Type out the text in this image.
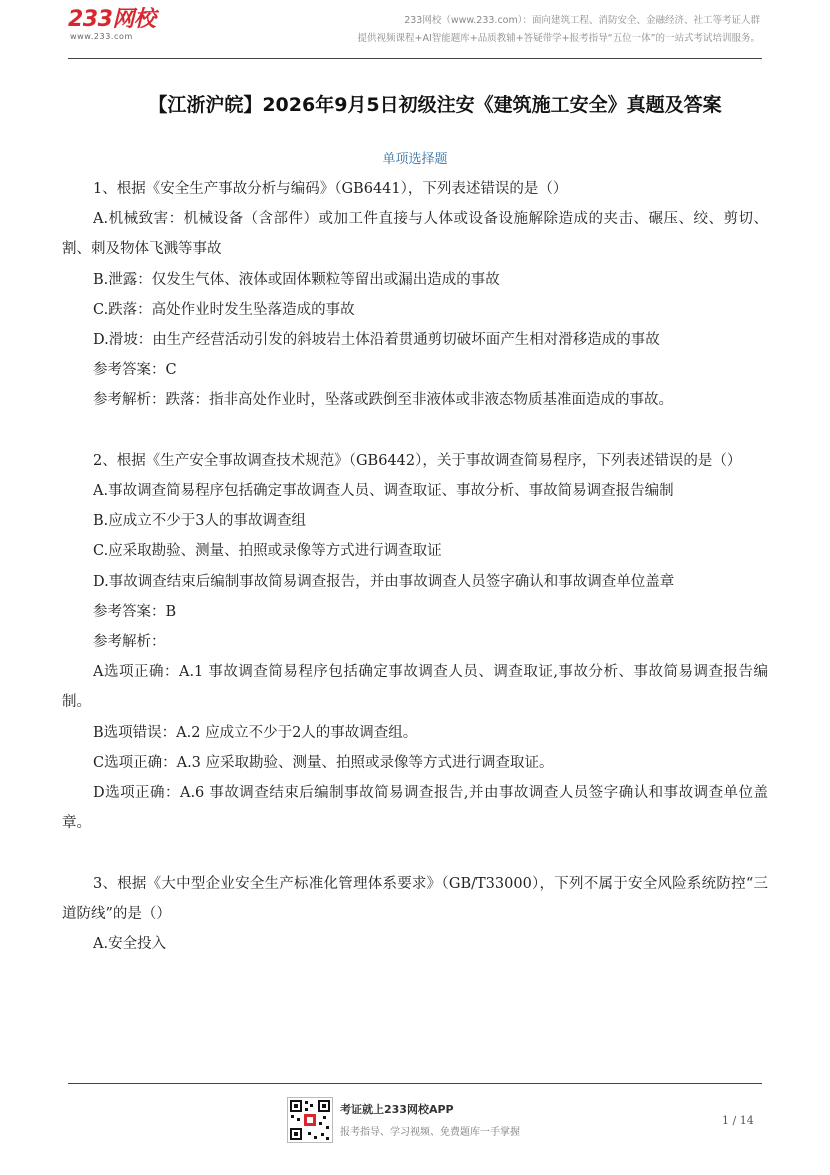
233网校
www.233.com
233网校（www.233.com）：面向建筑工程、消防安全、金融经济、社工等考证人群
提供视频课程+AI智能题库+品质教辅+答疑带学+报考指导“五位一体”的一站式考试培训服务。
【江浙沪皖】2026年9月5日初级注安《建筑施工安全》真题及答案
单项选择题
1、根据《安全生产事故分析与编码》（GB6441），下列表述错误的是（）
A.机械致害：机械设备（含部件）或加工件直接与人体或设备设施解除造成的夹击、碾压、绞、剪切、割、刺及物体飞溅等事故
B.泄露：仅发生气体、液体或固体颗粒等留出或漏出造成的事故
C.跌落：高处作业时发生坠落造成的事故
D.滑坡：由生产经营活动引发的斜坡岩土体沿着贯通剪切破坏面产生相对滑移造成的事故
参考答案：C
参考解析：跌落：指非高处作业时，坠落或跌倒至非液体或非液态物质基准面造成的事故。
2、根据《生产安全事故调查技术规范》（GB6442），关于事故调查简易程序，下列表述错误的是（）
A.事故调查简易程序包括确定事故调查人员、调查取证、事故分析、事故简易调查报告编制
B.应成立不少于3人的事故调查组
C.应采取勘验、测量、拍照或录像等方式进行调查取证
D.事故调查结束后编制事故简易调查报告，并由事故调查人员签字确认和事故调查单位盖章
参考答案：B
参考解析：
A选项正确：A.1 事故调查简易程序包括确定事故调查人员、调查取证,事故分析、事故简易调查报告编制。
B选项错误：A.2 应成立不少于2人的事故调查组。
C选项正确：A.3 应采取勘验、测量、拍照或录像等方式进行调查取证。
D选项正确：A.6 事故调查结束后编制事故简易调查报告,并由事故调查人员签字确认和事故调查单位盖章。
3、根据《大中型企业安全生产标准化管理体系要求》（GB/T33000），下列不属于安全风险系统防控“三道防线”的是（）
A.安全投入
考证就上233网校APP
报考指导、学习视频、免费题库一手掌握
1 / 14
